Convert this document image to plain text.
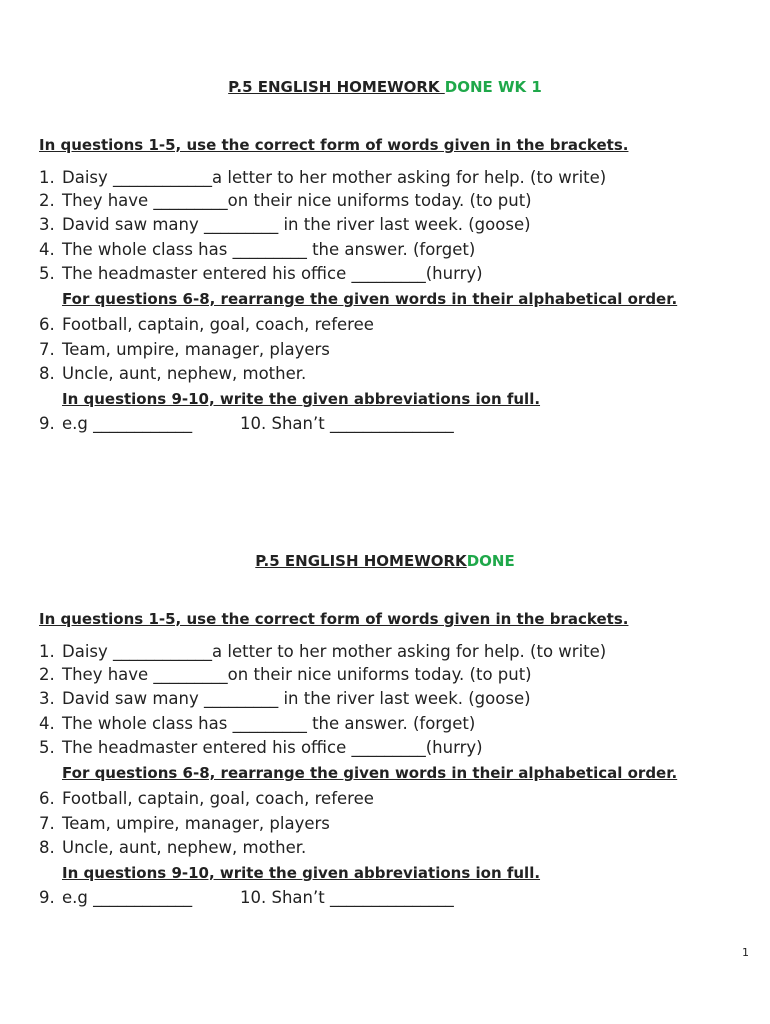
P.5 ENGLISH HOMEWORK DONE WK 1
In questions 1-5, use the correct form of words given in the brackets.
1. Daisy ____________a letter to her mother asking for help. (to write)
2. They have _________on their nice uniforms today. (to put)
3. David saw many _________ in the river last week. (goose)
4. The whole class has _________ the answer. (forget)
5. The headmaster entered his office _________(hurry)
For questions 6-8, rearrange the given words in their alphabetical order.
6. Football, captain, goal, coach, referee
7. Team, umpire, manager, players
8. Uncle, aunt, nephew, mother.
In questions 9-10, write the given abbreviations ion full.
9. e.g ____________	10. Shan’t _______________
P.5 ENGLISH HOMEWORKDONE
In questions 1-5, use the correct form of words given in the brackets.
1. Daisy ____________a letter to her mother asking for help. (to write)
2. They have _________on their nice uniforms today. (to put)
3. David saw many _________ in the river last week. (goose)
4. The whole class has _________ the answer. (forget)
5. The headmaster entered his office _________(hurry)
For questions 6-8, rearrange the given words in their alphabetical order.
6. Football, captain, goal, coach, referee
7. Team, umpire, manager, players
8. Uncle, aunt, nephew, mother.
In questions 9-10, write the given abbreviations ion full.
9. e.g ____________	10. Shan’t _______________
1
